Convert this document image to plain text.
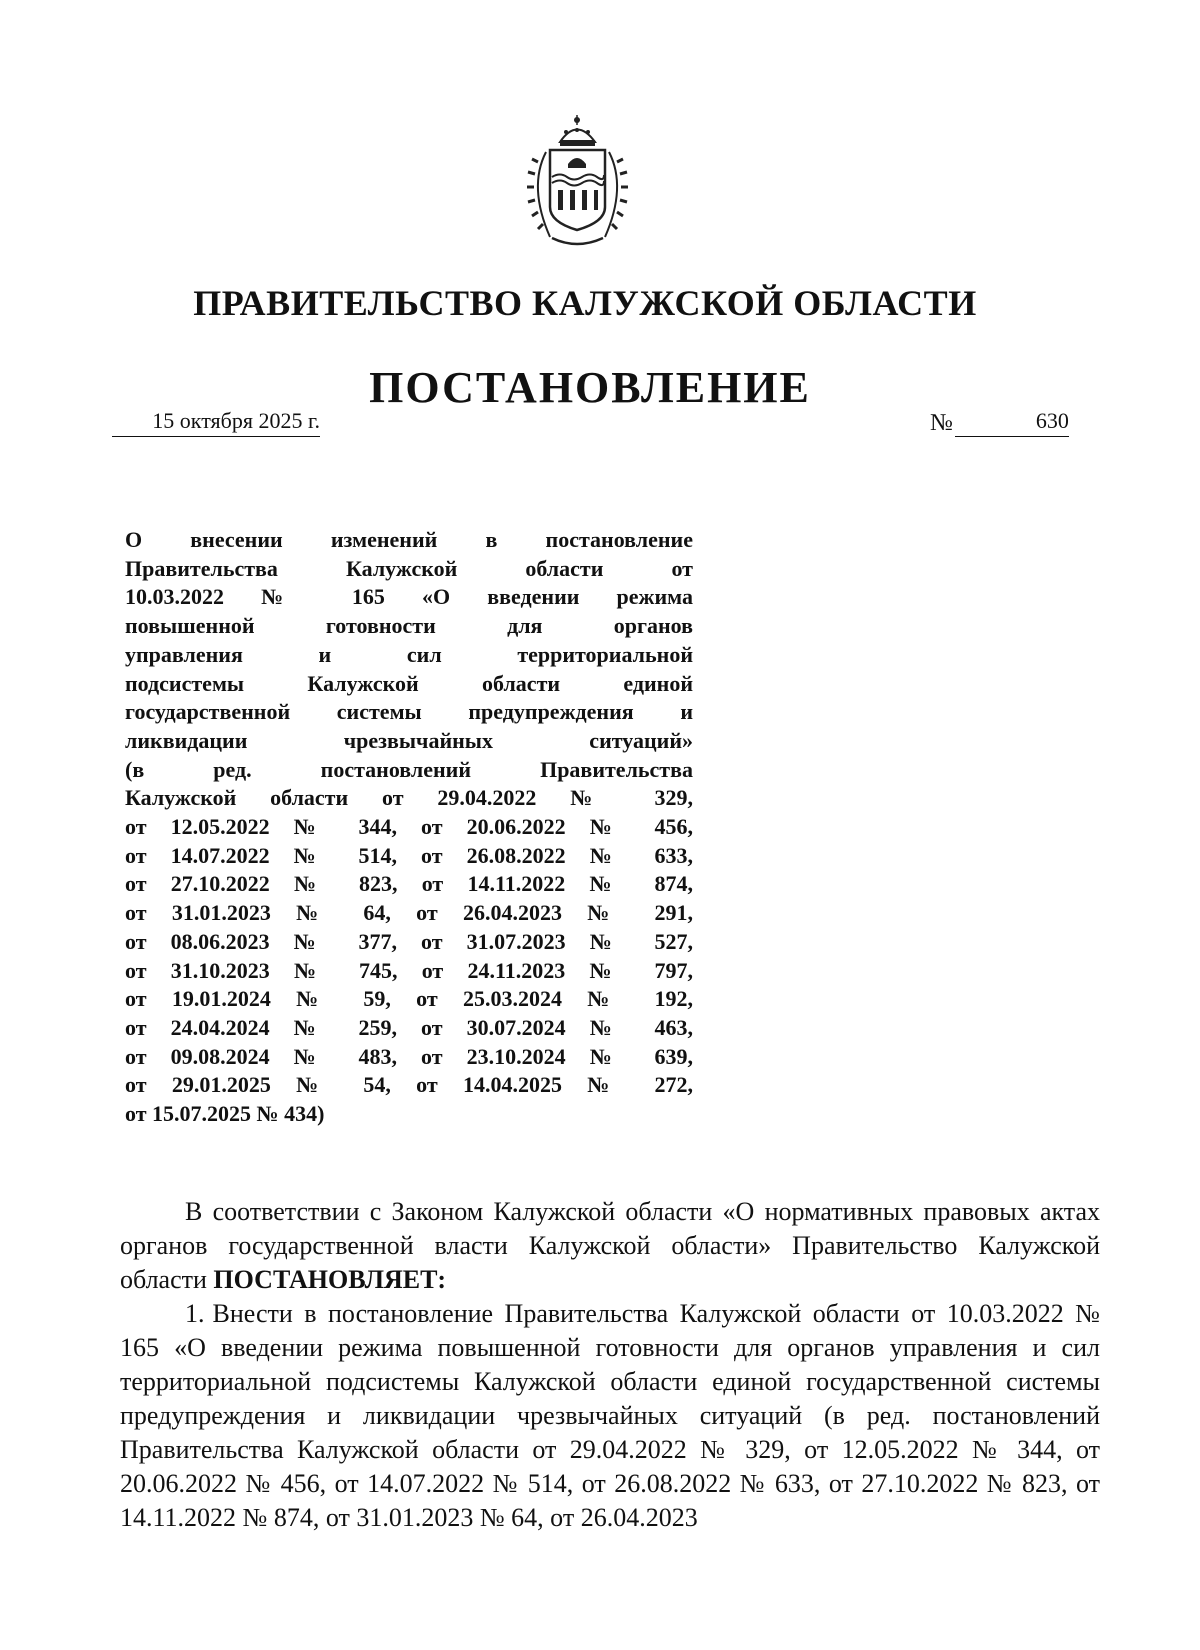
ПРАВИТЕЛЬСТВО КАЛУЖСКОЙ ОБЛАСТИ
ПОСТАНОВЛЕНИЕ
15 октября 2025 г.	№	630
О внесении изменений в постановление
Правительства Калужской области от
10.03.2022 № 165 «О введении режима
повышенной готовности для органов
управления и сил территориальной
подсистемы Калужской области единой
государственной системы предупреждения и
ликвидации чрезвычайных ситуаций»
(в ред. постановлений Правительства
Калужской области от 29.04.2022 № 329,
от 12.05.2022 № 344, от 20.06.2022 № 456,
от 14.07.2022 № 514, от 26.08.2022 № 633,
от 27.10.2022 № 823, от 14.11.2022 № 874,
от 31.01.2023 № 64, от 26.04.2023 № 291,
от 08.06.2023 № 377, от 31.07.2023 № 527,
от 31.10.2023 № 745, от 24.11.2023 № 797,
от 19.01.2024 № 59, от 25.03.2024 № 192,
от 24.04.2024 № 259, от 30.07.2024 № 463,
от 09.08.2024 № 483, от 23.10.2024 № 639,
от 29.01.2025 № 54, от 14.04.2025 № 272,
от 15.07.2025 № 434)

В соответствии с Законом Калужской области «О нормативных правовых актах органов государственной власти Калужской области» Правительство Калужской области ПОСТАНОВЛЯЕТ:

1. Внести в постановление Правительства Калужской области от 10.03.2022 № 165 «О введении режима повышенной готовности для органов управления и сил территориальной подсистемы Калужской области единой государственной системы предупреждения и ликвидации чрезвычайных ситуаций (в ред. постановлений Правительства Калужской области от 29.04.2022 № 329, от 12.05.2022 № 344, от 20.06.2022 № 456, от 14.07.2022 № 514, от 26.08.2022 № 633, от 27.10.2022 № 823, от 14.11.2022 № 874, от 31.01.2023 № 64, от 26.04.2023
